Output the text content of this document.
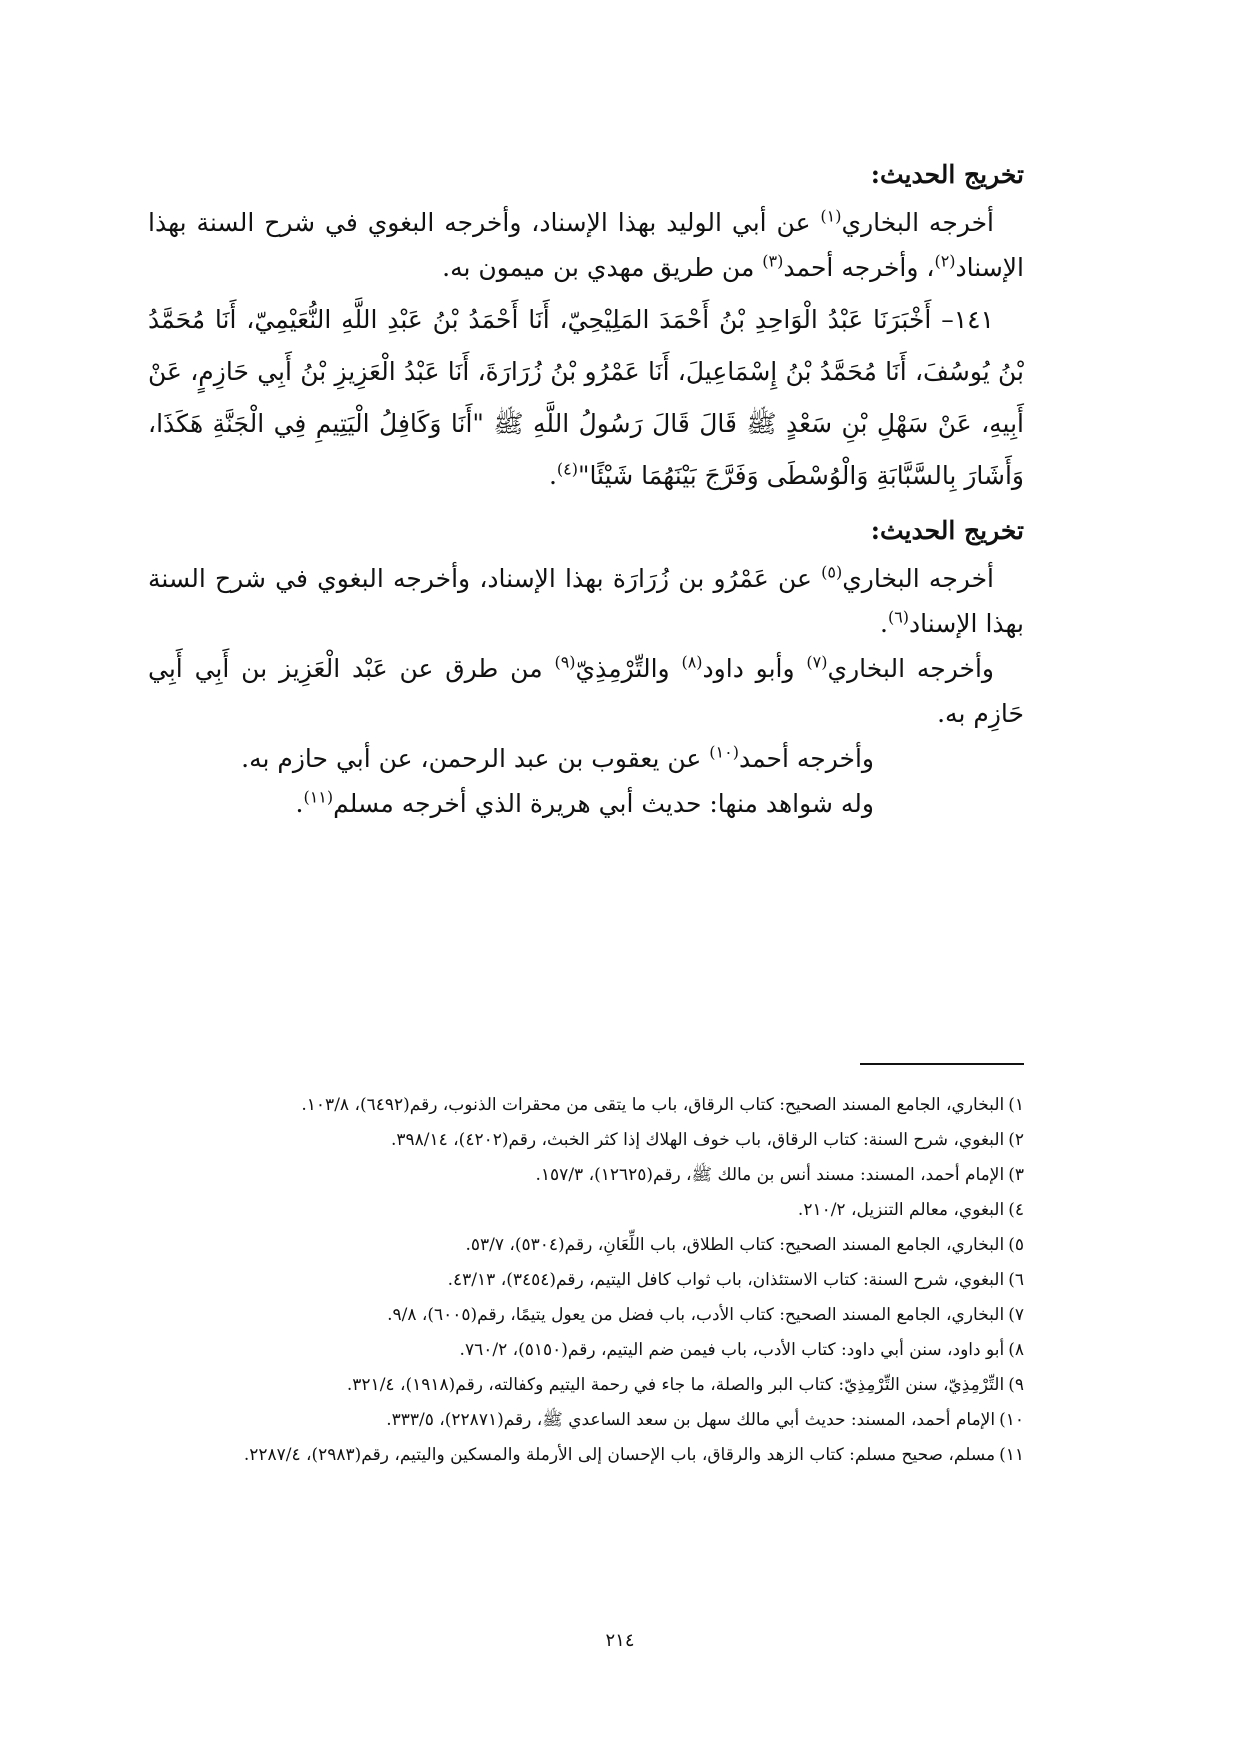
تخريج الحديث:

أخرجه البخاري$^{(١)}$ عن أبي الوليد بهذا الإسناد، وأخرجه البغوي في شرح السنة بهذا الإسناد$^{(٢)}$، وأخرجه أحمد$^{(٣)}$ من طريق مهدي بن ميمون به.

١٤١– أَخْبَرَنَا عَبْدُ الْوَاحِدِ بْنُ أَحْمَدَ المَلِيْحِيّ، أَنَا أَحْمَدُ بْنُ عَبْدِ اللَّهِ النُّعَيْمِيّ، أَنَا مُحَمَّدُ بْنُ يُوسُفَ، أَنَا مُحَمَّدُ بْنُ إِسْمَاعِيلَ، أَنَا عَمْرُو بْنُ زُرَارَةَ، أَنَا عَبْدُ الْعَزِيزِ بْنُ أَبِي حَازِمٍ، عَنْ أَبِيهِ، عَنْ سَهْلِ بْنِ سَعْدٍ ﷺ قَالَ قَالَ رَسُولُ اللَّهِ ﷺ "أَنَا وَكَافِلُ الْيَتِيمِ فِي الْجَنَّةِ هَكَذَا، وَأَشَارَ بِالسَّبَّابَةِ وَالْوُسْطَى وَفَرَّجَ بَيْنَهُمَا شَيْئًا"$^{(٤)}$.

تخريج الحديث:

أخرجه البخاري$^{(٥)}$ عن عَمْرُو بن زُرَارَة بهذا الإسناد، وأخرجه البغوي في شرح السنة بهذا الإسناد$^{(٦)}$.

وأخرجه البخاري$^{(٧)}$ وأبو داود$^{(٨)}$ والتِّرْمِذِيّ$^{(٩)}$ من طرق عن عَبْد الْعَزِيز بن أَبِي أَبِي حَازِم به.

وأخرجه أحمد$^{(١٠)}$ عن يعقوب بن عبد الرحمن، عن أبي حازم به.

وله شواهد منها: حديث أبي هريرة الذي أخرجه مسلم$^{(١١)}$.

١)البخاري، الجامع المسند الصحيح: كتاب الرقاق، باب ما يتقى من محقرات الذنوب، رقم(٦٤٩٢)، ١٠٣/٨.

٢)البغوي، شرح السنة: كتاب الرقاق، باب خوف الهلاك إذا كثر الخبث، رقم(٤٢٠٢)، ٣٩٨/١٤.

٣)الإمام أحمد، المسند: مسند أنس بن مالك ﷺ، رقم(١٢٦٢٥)، ١٥٧/٣.

٤)البغوي، معالم التنزيل، ٢١٠/٢.

٥)البخاري، الجامع المسند الصحيح: كتاب الطلاق، باب اللِّعَانِ، رقم(٥٣٠٤)، ٥٣/٧.

٦)البغوي، شرح السنة: كتاب الاستئذان، باب ثواب كافل اليتيم، رقم(٣٤٥٤)، ٤٣/١٣.

٧)البخاري، الجامع المسند الصحيح: كتاب الأدب، باب فضل من يعول يتيمًا، رقم(٦٠٠٥)، ٩/٨.

٨)أبو داود، سنن أبي داود: كتاب الأدب، باب فيمن ضم اليتيم، رقم(٥١٥٠)، ٧٦٠/٢.

٩)التِّرْمِذِيّ، سنن التِّرْمِذِيّ: كتاب البر والصلة، ما جاء في رحمة اليتيم وكفالته، رقم(١٩١٨)، ٣٢١/٤.

١٠)الإمام أحمد، المسند: حديث أبي مالك سهل بن سعد الساعدي ﷺ، رقم(٢٢٨٧١)، ٣٣٣/٥.

١١)مسلم، صحيح مسلم: كتاب الزهد والرقاق، باب الإحسان إلى الأرملة والمسكين واليتيم، رقم(٢٩٨٣)، ٢٢٨٧/٤.

٢١٤
